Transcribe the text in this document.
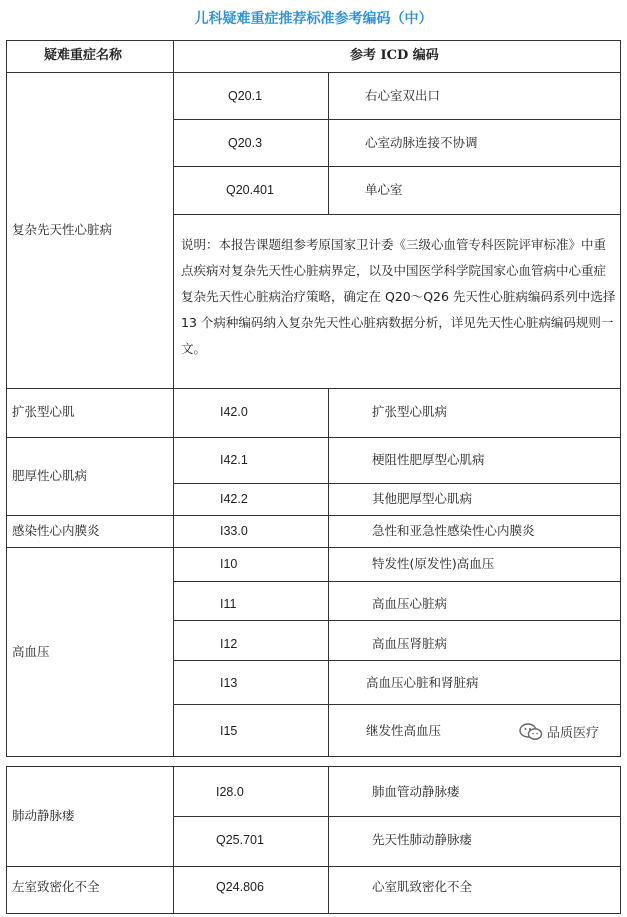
儿科疑难重症推荐标准参考编码（中）
疑难重症名称	参考 ICD 编码
复杂先天性心脏病
Q20.1	右心室双出口
Q20.3	心室动脉连接不协调
Q20.401	单心室
说明：本报告课题组参考原国家卫计委《三级心血管专科医院评审标准》中重点疾病对复杂先天性心脏病界定，以及中国医学科学院国家心血管病中心重症复杂先天性心脏病治疗策略，确定在 Q20～Q26 先天性心脏病编码系列中选择 13 个病种编码纳入复杂先天性心脏病数据分析，详见先天性心脏病编码规则一文。
扩张型心肌	I42.0	扩张型心肌病
肥厚性心肌病
I42.1	梗阻性肥厚型心肌病
I42.2	其他肥厚型心肌病
感染性心内膜炎	I33.0	急性和亚急性感染性心内膜炎
高血压
I10	特发性(原发性)高血压
I11	高血压心脏病
I12	高血压肾脏病
I13	高血压心脏和肾脏病
I15	继发性高血压
肺动静脉瘘
I28.0	肺血管动静脉瘘
Q25.701	先天性肺动静脉瘘
左室致密化不全	Q24.806	心室肌致密化不全
品质医疗
